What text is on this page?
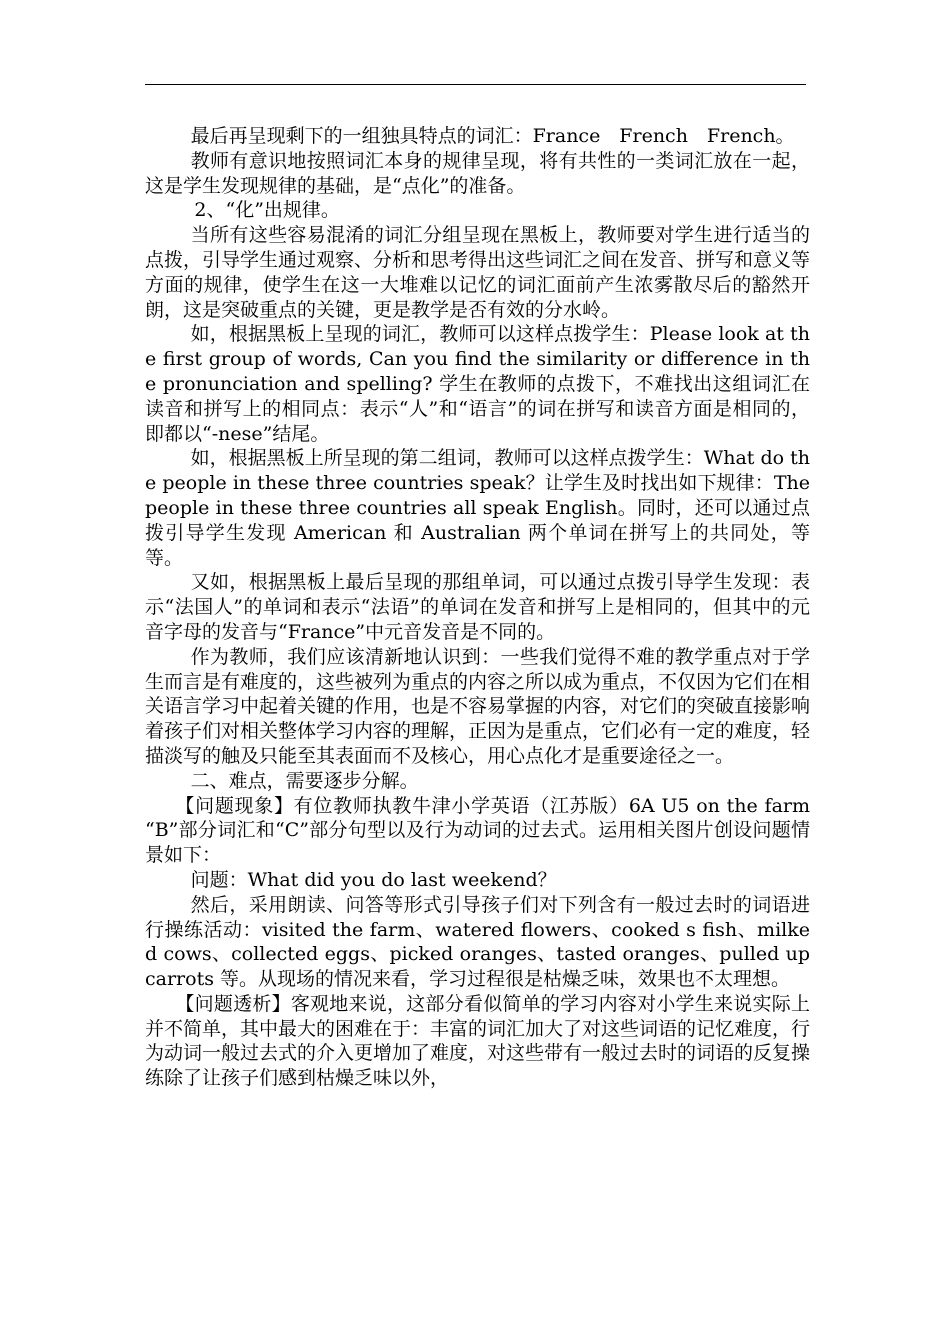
最后再呈现剩下的一组独具特点的词汇：France　French　French。

教师有意识地按照词汇本身的规律呈现，将有共性的一类词汇放在一起，这是学生发现规律的基础，是“点化”的准备。

2、“化”出规律。

当所有这些容易混淆的词汇分组呈现在黑板上，教师要对学生进行适当的点拨，引导学生通过观察、分析和思考得出这些词汇之间在发音、拼写和意义等方面的规律，使学生在这一大堆难以记忆的词汇面前产生浓雾散尽后的豁然开朗，这是突破重点的关键，更是教学是否有效的分水岭。

如，根据黑板上呈现的词汇，教师可以这样点拨学生：Please look at the first group of words, Can you find the similarity or difference in the pronunciation and spelling? 学生在教师的点拨下，不难找出这组词汇在读音和拼写上的相同点：表示“人”和“语言”的词在拼写和读音方面是相同的，即都以“-nese”结尾。

如，根据黑板上所呈现的第二组词，教师可以这样点拨学生：What do the people in these three countries speak？让学生及时找出如下规律：The people in these three countries all speak English。同时，还可以通过点拨引导学生发现 American 和 Australian 两个单词在拼写上的共同处，等等。

又如，根据黑板上最后呈现的那组单词，可以通过点拨引导学生发现：表示“法国人”的单词和表示“法语”的单词在发音和拼写上是相同的，但其中的元音字母的发音与“France”中元音发音是不同的。

作为教师，我们应该清新地认识到：一些我们觉得不难的教学重点对于学生而言是有难度的，这些被列为重点的内容之所以成为重点，不仅因为它们在相关语言学习中起着关键的作用，也是不容易掌握的内容，对它们的突破直接影响着孩子们对相关整体学习内容的理解，正因为是重点，它们必有一定的难度，轻描淡写的触及只能至其表面而不及核心，用心点化才是重要途径之一。

二、难点，需要逐步分解。

【问题现象】有位教师执教牛津小学英语（江苏版）6A U5 on the farm “B”部分词汇和“C”部分句型以及行为动词的过去式。运用相关图片创设问题情景如下：

问题：What did you do last weekend？

然后，采用朗读、问答等形式引导孩子们对下列含有一般过去时的词语进行操练活动：visited the farm、watered flowers、cooked s fish、milked cows、collected eggs、picked oranges、tasted oranges、pulled up carrots 等。从现场的情况来看，学习过程很是枯燥乏味，效果也不太理想。

【问题透析】客观地来说，这部分看似简单的学习内容对小学生来说实际上并不简单，其中最大的困难在于：丰富的词汇加大了对这些词语的记忆难度，行为动词一般过去式的介入更增加了难度，对这些带有一般过去时的词语的反复操练除了让孩子们感到枯燥乏味以外，
